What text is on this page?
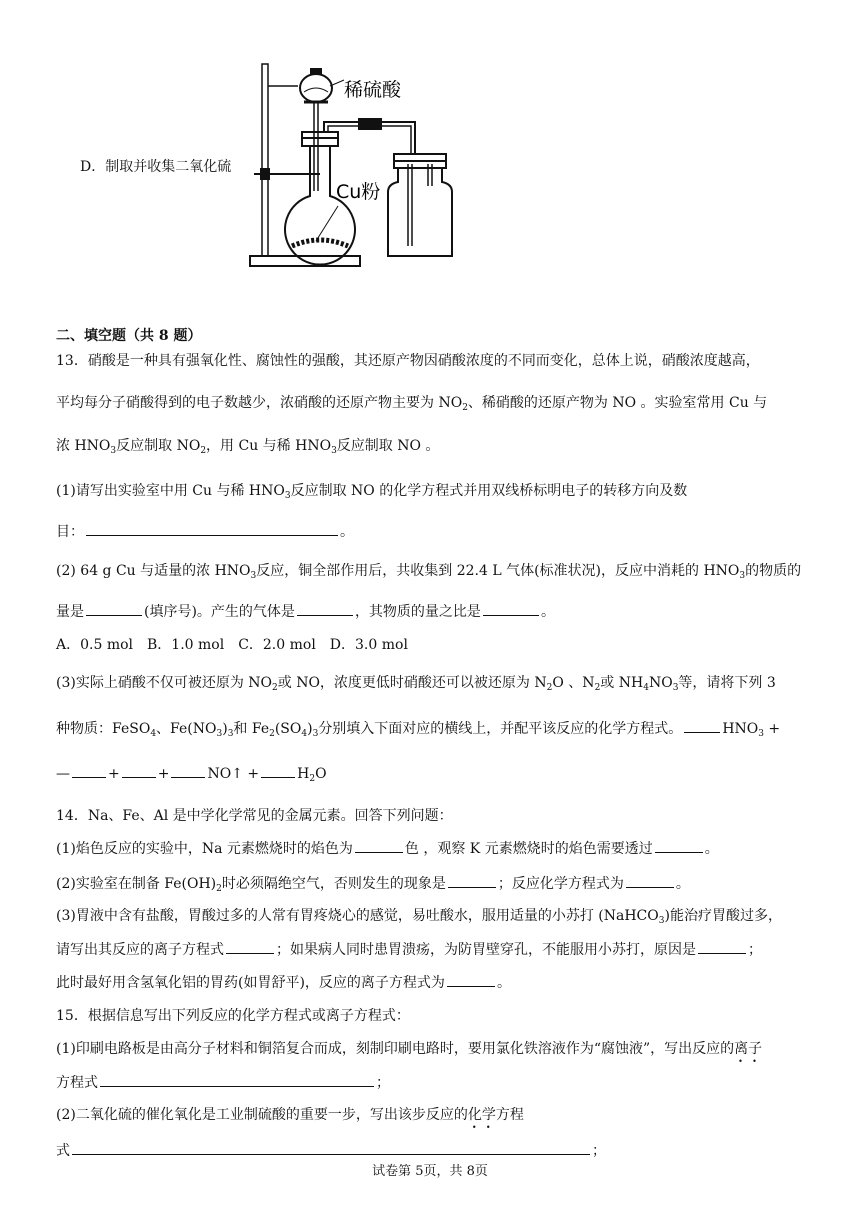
稀硫酸
Cu粉
D．制取并收集二氧化硫
二、填空题（共 8 题）
13．硝酸是一种具有强氧化性、腐蚀性的强酸，其还原产物因硝酸浓度的不同而变化，总体上说，硝酸浓度越高，
平均每分子硝酸得到的电子数越少，浓硝酸的还原产物主要为 $NO_2$、稀硝酸的还原产物为 NO 。实验室常用 Cu 与
浓 $HNO_3$反应制取 $NO_2$，用 Cu 与稀 $HNO_3$反应制取 NO 。
(1)请写出实验室中用 Cu 与稀 $HNO_3$反应制取 NO 的化学方程式并用双线桥标明电子的转移方向及数
目：	。
(2) 64 g Cu 与适量的浓 $HNO_3$反应，铜全部作用后，共收集到 22.4 L 气体(标准状况)，反应中消耗的 $HNO_3$的物质的
量是	(填序号)。产生的气体是	，其物质的量之比是	。
A．0.5 mol　B．1.0 mol　C．2.0 mol　D．3.0 mol
(3)实际上硝酸不仅可被还原为 $NO_2$或 NO，浓度更低时硝酸还可以被还原为 $N_2O$ 、$N_2$或 $NH_4NO_3$等，请将下列 3
种物质：FeSO$_4$、$Fe(NO_3)_3$和 $Fe_2(SO_4)_3$分别填入下面对应的横线上，并配平该反应的化学方程式。	$HNO_3$ +
—	+	+	NO↑ +	$H_2O$
14．Na、Fe、Al 是中学化学常见的金属元素。回答下列问题：
(1)焰色反应的实验中，Na 元素燃烧时的焰色为	色 ，观察 K 元素燃烧时的焰色需要透过	。
(2)实验室在制备 $Fe(OH)_2$时必须隔绝空气，否则发生的现象是	；反应化学方程式为	。
(3)胃液中含有盐酸，胃酸过多的人常有胃疼烧心的感觉，易吐酸水，服用适量的小苏打 (NaHCO$_3$)能治疗胃酸过多，
请写出其反应的离子方程式	；如果病人同时患胃溃疡，为防胃壁穿孔，不能服用小苏打，原因是	；
此时最好用含氢氧化铝的胃药(如胃舒平)，反应的离子方程式为	。
15．根据信息写出下列反应的化学方程式或离子方程式：
(1)印刷电路板是由高分子材料和铜箔复合而成，刻制印刷电路时，要用氯化铁溶液作为“腐蚀液”，写出反应的离子
方程式	；
(2)二氧化硫的催化氧化是工业制硫酸的重要一步，写出该步反应的化学方程
式	；
试卷第 5页，共 8页
